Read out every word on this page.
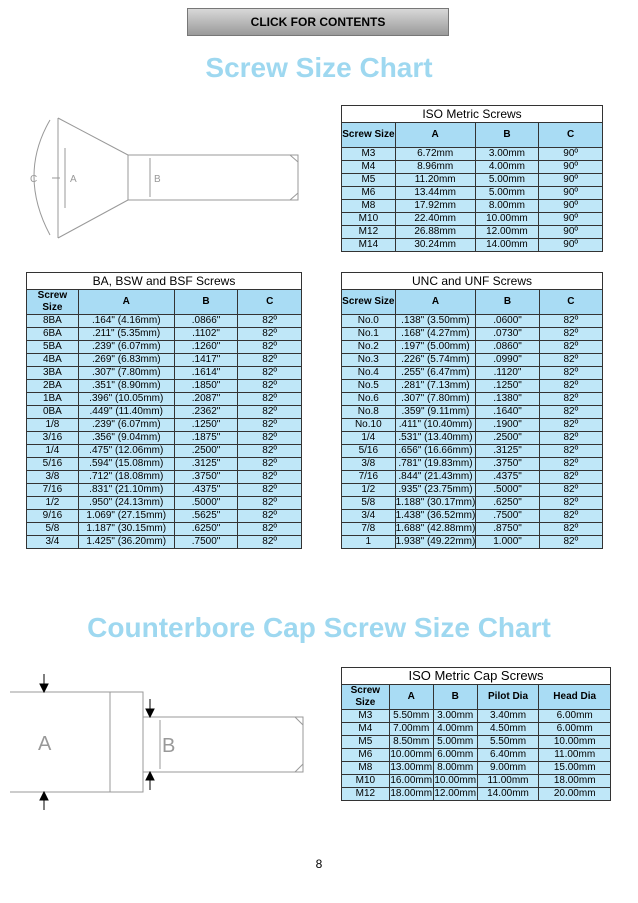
CLICK FOR CONTENTS
Screw Size Chart
C	A	B
ISO Metric Screws			
Screw Size	A	B	C
M3	6.72mm	3.00mm	90º
M4	8.96mm	4.00mm	90º
M5	11.20mm	5.00mm	90º
M6	13.44mm	5.00mm	90º
M8	17.92mm	8.00mm	90º
M10	22.40mm	10.00mm	90º
M12	26.88mm	12.00mm	90º
M14	30.24mm	14.00mm	90º
BA, BSW and BSF Screws			
Screw Size	A	B	C
8BA	.164" (4.16mm)	.0866"	82º
6BA	.211" (5.35mm)	.1102"	82º
5BA	.239" (6.07mm)	.1260"	82º
4BA	.269" (6.83mm)	.1417"	82º
3BA	.307" (7.80mm)	.1614"	82º
2BA	.351" (8.90mm)	.1850"	82º
1BA	.396" (10.05mm)	.2087"	82º
0BA	.449" (11.40mm)	.2362"	82º
1/8	.239" (6.07mm)	.1250"	82º
3/16	.356" (9.04mm)	.1875"	82º
1/4	.475" (12.06mm)	.2500"	82º
5/16	.594" (15.08mm)	.3125"	82º
3/8	.712" (18.08mm)	.3750"	82º
7/16	.831" (21.10mm)	.4375"	82º
1/2	.950" (24.13mm)	.5000"	82º
9/16	1.069" (27.15mm)	.5625"	82º
5/8	1.187" (30.15mm)	.6250"	82º
3/4	1.425" (36.20mm)	.7500"	82º
UNC and UNF Screws			
Screw Size	A	B	C
No.0	.138" (3.50mm)	.0600"	82º
No.1	.168" (4.27mm)	.0730"	82º
No.2	.197" (5.00mm)	.0860"	82º
No.3	.226" (5.74mm)	.0990"	82º
No.4	.255" (6.47mm)	.1120"	82º
No.5	.281" (7.13mm)	.1250"	82º
No.6	.307" (7.80mm)	.1380"	82º
No.8	.359" (9.11mm)	.1640"	82º
No.10	.411" (10.40mm)	.1900"	82º
1/4	.531" (13.40mm)	.2500"	82º
5/16	.656" (16.66mm)	.3125"	82º
3/8	.781" (19.83mm)	.3750"	82º
7/16	.844" (21.43mm)	.4375"	82º
1/2	.935" (23.75mm)	.5000"	82º
5/8	1.188" (30.17mm)	.6250"	82º
3/4	1.438" (36.52mm)	.7500"	82º
7/8	1.688" (42.88mm)	.8750"	82º
1	1.938" (49.22mm)	1.000"	82º
Counterbore Cap Screw Size Chart
A	B
ISO Metric Cap Screws				
Screw Size	A	B	Pilot Dia	Head Dia
M3	5.50mm	3.00mm	3.40mm	6.00mm
M4	7.00mm	4.00mm	4.50mm	6.00mm
M5	8.50mm	5.00mm	5.50mm	10.00mm
M6	10.00mm	6.00mm	6.40mm	11.00mm
M8	13.00mm	8.00mm	9.00mm	15.00mm
M10	16.00mm	10.00mm	11.00mm	18.00mm
M12	18.00mm	12.00mm	14.00mm	20.00mm
8
